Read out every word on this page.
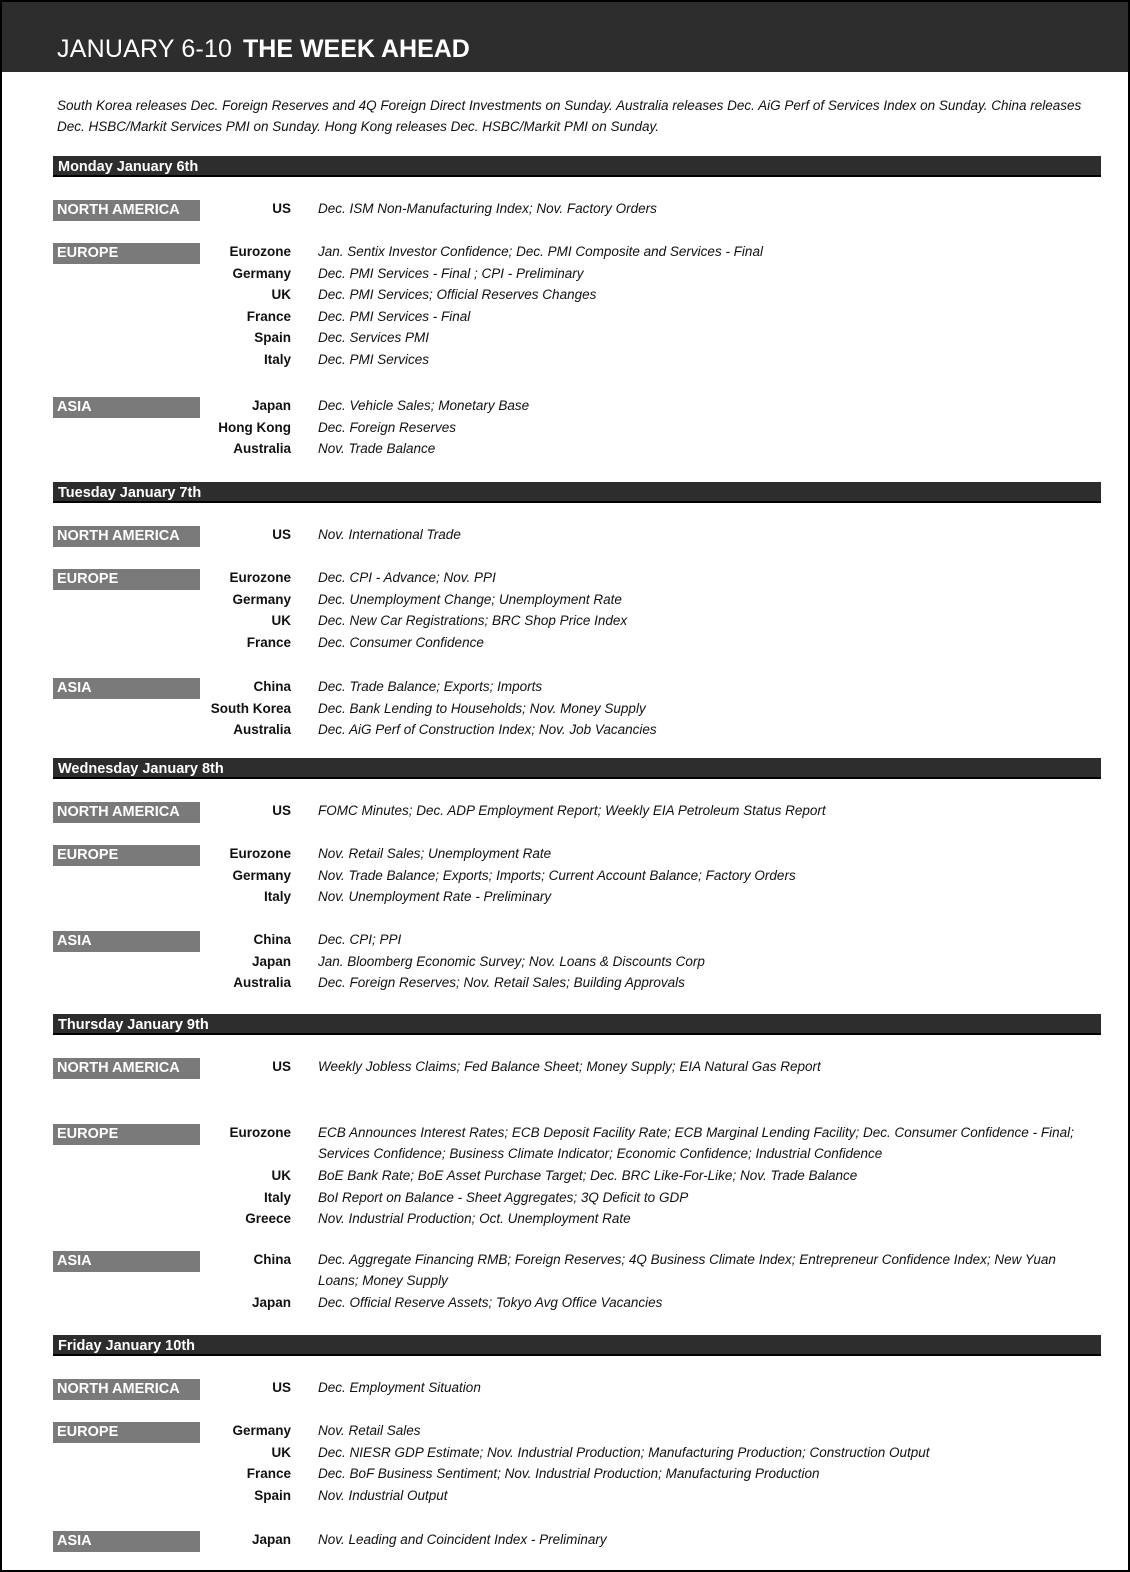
JANUARY 6-10 THE WEEK AHEAD
South Korea releases Dec. Foreign Reserves and 4Q Foreign Direct Investments on Sunday. Australia releases Dec. AiG Perf of Services Index on Sunday. China releases Dec. HSBC/Markit Services PMI on Sunday. Hong Kong releases Dec. HSBC/Markit PMI on Sunday.
Monday January 6th
NORTH AMERICA	US Dec. ISM Non-Manufacturing Index; Nov. Factory Orders
EUROPE	Eurozone Jan. Sentix Investor Confidence; Dec. PMI Composite and Services - Final
Germany Dec. PMI Services - Final ; CPI - Preliminary
UK Dec. PMI Services; Official Reserves Changes
France Dec. PMI Services - Final
Spain Dec. Services PMI
Italy Dec. PMI Services
ASIA	Japan Dec. Vehicle Sales; Monetary Base
Hong Kong Dec. Foreign Reserves
Australia Nov. Trade Balance
Tuesday January 7th
NORTH AMERICA	US Nov. International Trade
EUROPE	Eurozone Dec. CPI - Advance; Nov. PPI
Germany Dec. Unemployment Change; Unemployment Rate
UK Dec. New Car Registrations; BRC Shop Price Index
France Dec. Consumer Confidence
ASIA	China Dec. Trade Balance; Exports; Imports
South Korea Dec. Bank Lending to Households; Nov. Money Supply
Australia Dec. AiG Perf of Construction Index; Nov. Job Vacancies
Wednesday January 8th
NORTH AMERICA	US FOMC Minutes; Dec. ADP Employment Report; Weekly EIA Petroleum Status Report
EUROPE	Eurozone Nov. Retail Sales; Unemployment Rate
Germany Nov. Trade Balance; Exports; Imports; Current Account Balance; Factory Orders
Italy Nov. Unemployment Rate - Preliminary
ASIA	China Dec. CPI; PPI
Japan Jan. Bloomberg Economic Survey; Nov. Loans & Discounts Corp
Australia Dec. Foreign Reserves; Nov. Retail Sales; Building Approvals
Thursday January 9th
NORTH AMERICA	US Weekly Jobless Claims; Fed Balance Sheet; Money Supply; EIA Natural Gas Report
EUROPE	Eurozone ECB Announces Interest Rates; ECB Deposit Facility Rate; ECB Marginal Lending Facility; Dec. Consumer Confidence - Final; Services Confidence; Business Climate Indicator; Economic Confidence; Industrial Confidence
UK BoE Bank Rate; BoE Asset Purchase Target; Dec. BRC Like-For-Like; Nov. Trade Balance
Italy BoI Report on Balance - Sheet Aggregates; 3Q Deficit to GDP
Greece Nov. Industrial Production; Oct. Unemployment Rate
ASIA	China Dec. Aggregate Financing RMB; Foreign Reserves; 4Q Business Climate Index; Entrepreneur Confidence Index; New Yuan Loans; Money Supply
Japan Dec. Official Reserve Assets; Tokyo Avg Office Vacancies
Friday January 10th
NORTH AMERICA	US Dec. Employment Situation
EUROPE	Germany Nov. Retail Sales
UK Dec. NIESR GDP Estimate; Nov. Industrial Production; Manufacturing Production; Construction Output
France Dec. BoF Business Sentiment; Nov. Industrial Production; Manufacturing Production
Spain Nov. Industrial Output
ASIA	Japan Nov. Leading and Coincident Index - Preliminary
